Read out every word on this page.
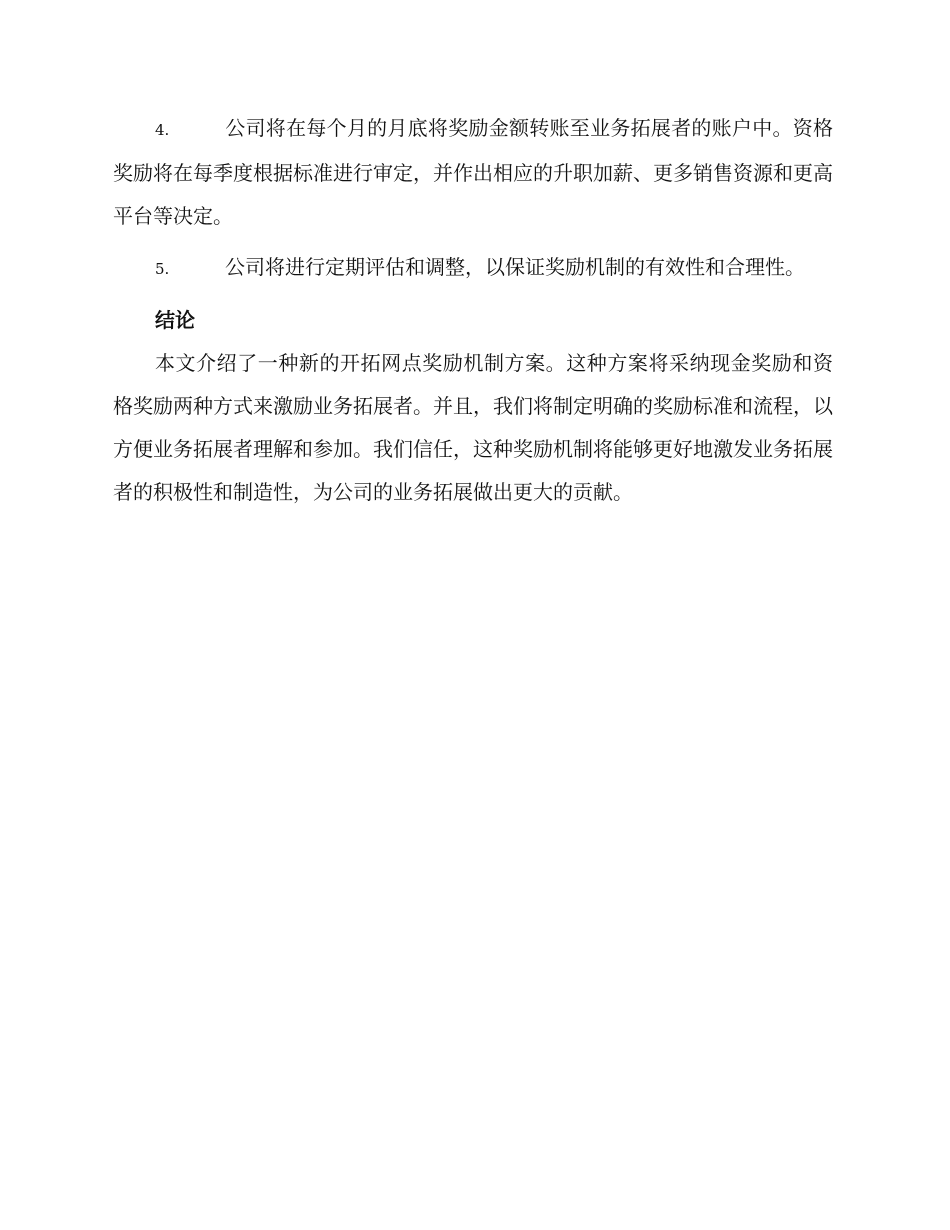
4.	公司将在每个月的月底将奖励金额转账至业务拓展者的账户中。资格奖励将在每季度根据标准进行审定，并作出相应的升职加薪、更多销售资源和更高平台等决定。

5.	公司将进行定期评估和调整，以保证奖励机制的有效性和合理性。

结论

本文介绍了一种新的开拓网点奖励机制方案。这种方案将采纳现金奖励和资格奖励两种方式来激励业务拓展者。并且，我们将制定明确的奖励标准和流程，以方便业务拓展者理解和参加。我们信任，这种奖励机制将能够更好地激发业务拓展者的积极性和制造性，为公司的业务拓展做出更大的贡献。
